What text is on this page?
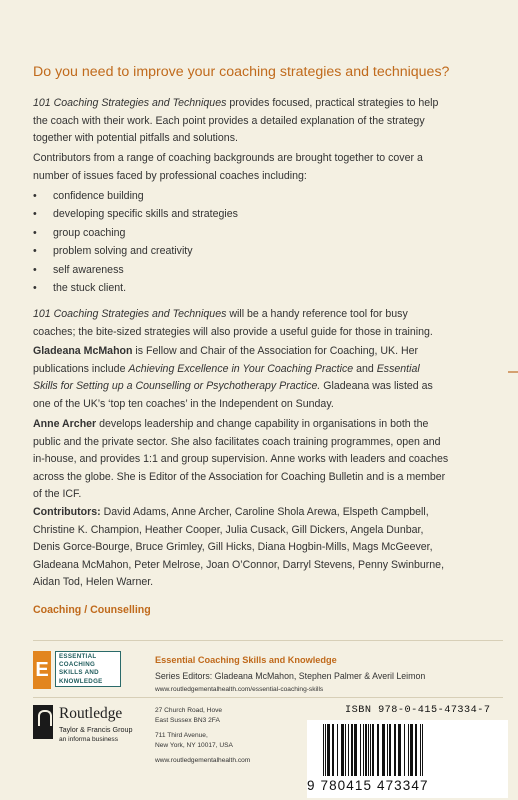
Do you need to improve your coaching strategies and techniques?

101 Coaching Strategies and Techniques provides focused, practical strategies to help
the coach with their work. Each point provides a detailed explanation of the strategy
together with potential pitfalls and solutions.

Contributors from a range of coaching backgrounds are brought together to cover a
number of issues faced by professional coaches including:

• confidence building
• developing specific skills and strategies
• group coaching
• problem solving and creativity
• self awareness
• the stuck client.

101 Coaching Strategies and Techniques will be a handy reference tool for busy
coaches; the bite-sized strategies will also provide a useful guide for those in training.

Gladeana McMahon is Fellow and Chair of the Association for Coaching, UK. Her
publications include Achieving Excellence in Your Coaching Practice and Essential
Skills for Setting up a Counselling or Psychotherapy Practice. Gladeana was listed as
one of the UK’s ‘top ten coaches’ in the Independent on Sunday.

Anne Archer develops leadership and change capability in organisations in both the
public and the private sector. She also facilitates coach training programmes, open and
in-house, and provides 1:1 and group supervision. Anne works with leaders and coaches
across the globe. She is Editor of the Association for Coaching Bulletin and is a member
of the ICF.

Contributors: David Adams, Anne Archer, Caroline Shola Arewa, Elspeth Campbell,
Christine K. Champion, Heather Cooper, Julia Cusack, Gill Dickers, Angela Dunbar,
Denis Gorce-Bourge, Bruce Grimley, Gill Hicks, Diana Hogbin-Mills, Mags McGeever,
Gladeana McMahon, Peter Melrose, Joan O’Connor, Darryl Stevens, Penny Swinburne,
Aidan Tod, Helen Warner.

Coaching / Counselling
E
ESSENTIAL
COACHING
SKILLS AND
KNOWLEDGE
Essential Coaching Skills and Knowledge
Series Editors: Gladeana McMahon, Stephen Palmer & Averil Leimon
www.routledgementalhealth.com/essential-coaching-skills
Routledge
Taylor & Francis Group
an informa business
27 Church Road, Hove
East Sussex BN3 2FA
711 Third Avenue,
New York, NY 10017, USA
www.routledgementalhealth.com
ISBN 978-0-415-47334-7
9 780415 473347
